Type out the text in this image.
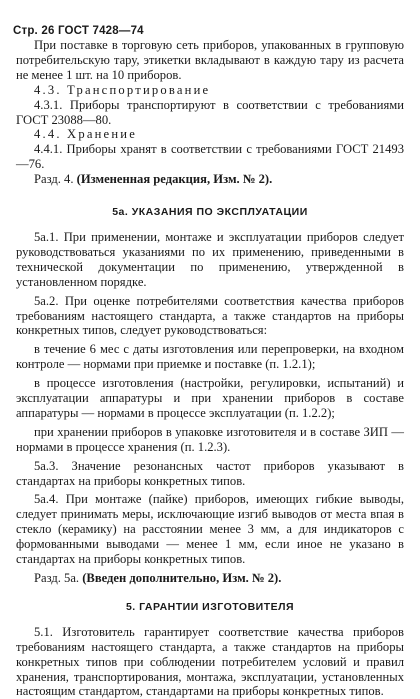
Стр. 26 ГОСТ 7428—74

При поставке в торговую сеть приборов, упакованных в групповую потребительскую тару, этикетки вкладывают в каждую тару из расчета не менее 1 шт. на 10 приборов.

4.3. Транспортирование

4.3.1. Приборы транспортируют в соответствии с требованиями ГОСТ 23088—80.

4.4. Хранение

4.4.1. Приборы хранят в соответствии с требованиями ГОСТ 21493—76.

Разд. 4. (Измененная редакция, Изм. № 2).

5а. УКАЗАНИЯ ПО ЭКСПЛУАТАЦИИ

5а.1. При применении, монтаже и эксплуатации приборов следует руководствоваться указаниями по их применению, приведенными в технической документации по применению, утвержденной в установленном порядке.

5а.2. При оценке потребителями соответствия качества приборов требованиям настоящего стандарта, а также стандартов на приборы конкретных типов, следует руководствоваться:

в течение 6 мес с даты изготовления или перепроверки, на входном контроле — нормами при приемке и поставке (п. 1.2.1);

в процессе изготовления (настройки, регулировки, испытаний) и эксплуатации аппаратуры и при хранении приборов в составе аппаратуры — нормами в процессе эксплуатации (п. 1.2.2);

при хранении приборов в упаковке изготовителя и в составе ЗИП — нормами в процессе хранения (п. 1.2.3).

5а.3. Значение резонансных частот приборов указывают в стандартах на приборы конкретных типов.

5а.4. При монтаже (пайке) приборов, имеющих гибкие выводы, следует принимать меры, исключающие изгиб выводов от места впая в стекло (керамику) на расстоянии менее 3 мм, а для индикаторов с формованными выводами — менее 1 мм, если иное не указано в стандартах на приборы конкретных типов.

Разд. 5а. (Введен дополнительно, Изм. № 2).

5. ГАРАНТИИ ИЗГОТОВИТЕЛЯ

5.1. Изготовитель гарантирует соответствие качества приборов требованиям настоящего стандарта, а также стандартов на приборы конкретных типов при соблюдении потребителем условий и правил хранения, транспортирования, монтажа, эксплуатации, установленных настоящим стандартом, стандартами на приборы конкретных типов.
